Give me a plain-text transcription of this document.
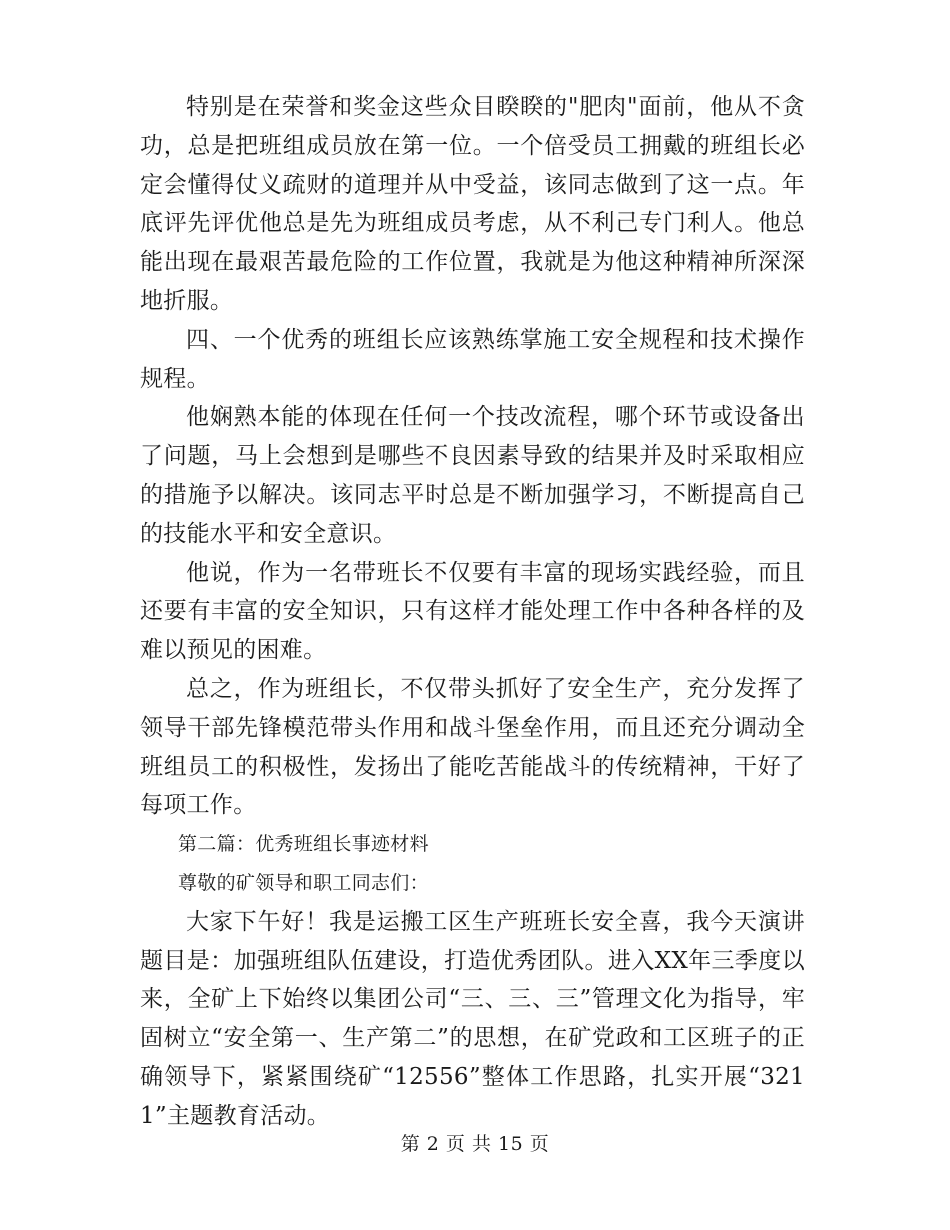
特别是在荣誉和奖金这些众目睽睽的"肥肉"面前，他从不贪功，总是把班组成员放在第一位。一个倍受员工拥戴的班组长必定会懂得仗义疏财的道理并从中受益，该同志做到了这一点。年底评先评优他总是先为班组成员考虑，从不利己专门利人。他总能出现在最艰苦最危险的工作位置，我就是为他这种精神所深深地折服。

四、一个优秀的班组长应该熟练掌施工安全规程和技术操作规程。

他娴熟本能的体现在任何一个技改流程，哪个环节或设备出了问题，马上会想到是哪些不良因素导致的结果并及时采取相应的措施予以解决。该同志平时总是不断加强学习，不断提高自己的技能水平和安全意识。

他说，作为一名带班长不仅要有丰富的现场实践经验，而且还要有丰富的安全知识，只有这样才能处理工作中各种各样的及难以预见的困难。

总之，作为班组长，不仅带头抓好了安全生产，充分发挥了领导干部先锋模范带头作用和战斗堡垒作用，而且还充分调动全班组员工的积极性，发扬出了能吃苦能战斗的传统精神，干好了每项工作。

第二篇：优秀班组长事迹材料

尊敬的矿领导和职工同志们：

大家下午好！我是运搬工区生产班班长安全喜，我今天演讲题目是：加强班组队伍建设，打造优秀团队。进入XX年三季度以来，全矿上下始终以集团公司“三、三、三”管理文化为指导，牢固树立“安全第一、生产第二”的思想，在矿党政和工区班子的正确领导下，紧紧围绕矿“12556”整体工作思路，扎实开展“3211”主题教育活动。

第 2 页 共 15 页
